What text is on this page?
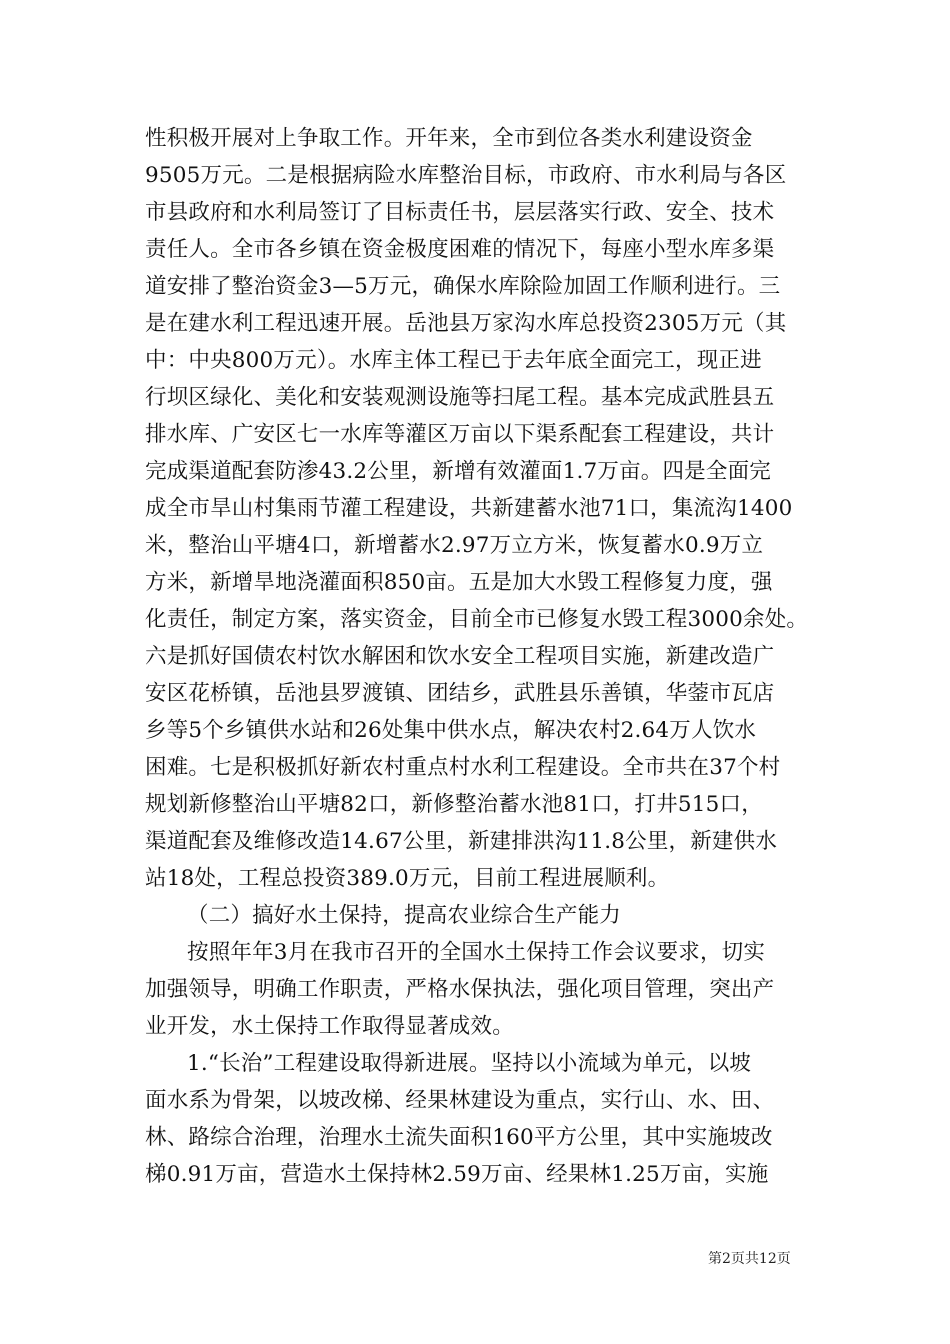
性积极开展对上争取工作。开年来，全市到位各类水利建设资金
9505万元。二是根据病险水库整治目标，市政府、市水利局与各区
市县政府和水利局签订了目标责任书，层层落实行政、安全、技术
责任人。全市各乡镇在资金极度困难的情况下，每座小型水库多渠
道安排了整治资金3—5万元，确保水库除险加固工作顺利进行。三
是在建水利工程迅速开展。岳池县万家沟水库总投资2305万元（其
中：中央800万元）。水库主体工程已于去年底全面完工，现正进
行坝区绿化、美化和安装观测设施等扫尾工程。基本完成武胜县五
排水库、广安区七一水库等灌区万亩以下渠系配套工程建设，共计
完成渠道配套防渗43.2公里，新增有效灌面1.7万亩。四是全面完
成全市旱山村集雨节灌工程建设，共新建蓄水池71口，集流沟1400
米，整治山平塘4口，新增蓄水2.97万立方米，恢复蓄水0.9万立
方米，新增旱地浇灌面积850亩。五是加大水毁工程修复力度，强
化责任，制定方案，落实资金，目前全市已修复水毁工程3000余处。
六是抓好国债农村饮水解困和饮水安全工程项目实施，新建改造广
安区花桥镇，岳池县罗渡镇、团结乡，武胜县乐善镇，华蓥市瓦店
乡等5个乡镇供水站和26处集中供水点，解决农村2.64万人饮水
困难。七是积极抓好新农村重点村水利工程建设。全市共在37个村
规划新修整治山平塘82口，新修整治蓄水池81口，打井515口，
渠道配套及维修改造14.67公里，新建排洪沟11.8公里，新建供水
站18处，工程总投资389.0万元，目前工程进展顺利。
（二）搞好水土保持，提高农业综合生产能力
按照年年3月在我市召开的全国水土保持工作会议要求，切实
加强领导，明确工作职责，严格水保执法，强化项目管理，突出产
业开发，水土保持工作取得显著成效。
1.“长治”工程建设取得新进展。坚持以小流域为单元，以坡
面水系为骨架，以坡改梯、经果林建设为重点，实行山、水、田、
林、路综合治理，治理水土流失面积160平方公里，其中实施坡改
梯0.91万亩，营造水土保持林2.59万亩、经果林1.25万亩，实施
第2页共12页
